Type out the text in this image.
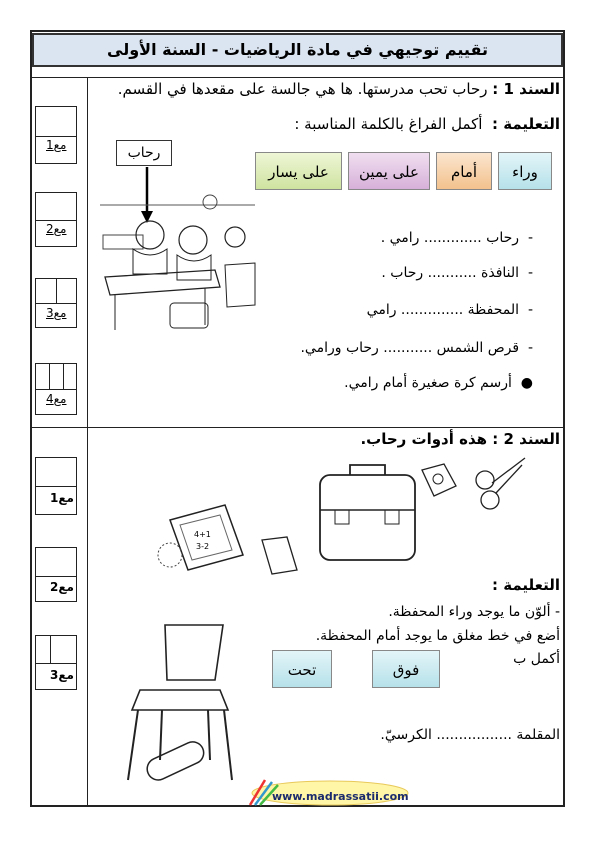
تقييم توجيهي في مادة الرياضيات - السنة الأولى
السند 1 : رحاب تحب مدرستها. ها هي جالسة على مقعدها في القسم.
التعليمة :  أكمل الفراغ بالكلمة المناسبة :
رحاب
وراء
أمام
على يمين
على يسار
-  رحاب ............. رامي .
-  النافذة ........... رحاب .
-  المحفظة .............. رامي
-  قرص الشمس ........... رحاب ورامي.
●  أرسم كرة صغيرة أمام رامي.
مع1
مع2
مع3
مع4
السند 2 : هذه أدوات رحاب.
4+1
3-2
التعليمة :
- ألوّن ما يوجد وراء المحفظة.
أضع في خط مغلق ما يوجد أمام المحفظة.
أكمل ب
تحت	فوق
المقلمة ................. الكرسيّ.
مع1
مع2
مع3
www.madrassatii.com
